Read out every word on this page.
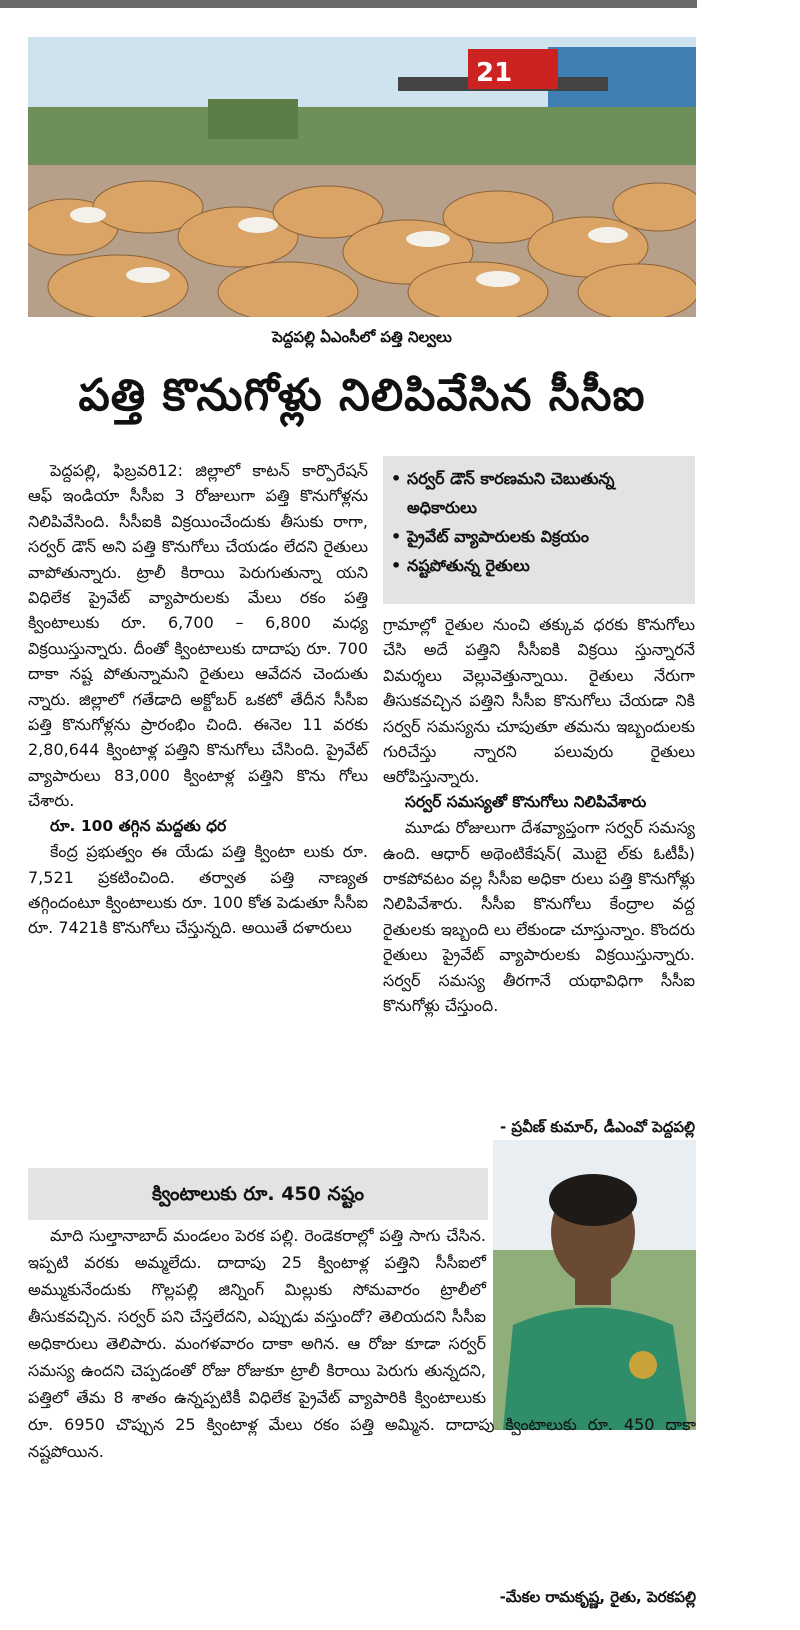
21
పెద్దపల్లి ఏఎంసీలో పత్తి నిల్వలు
పత్తి కొనుగోళ్లు నిలిపివేసిన సీసీఐ

పెద్దపల్లి, ఫిబ్రవరి12: జిల్లాలో కాటన్ కార్పొరేషన్ ఆఫ్ ఇండియా సీసీఐ 3 రోజులుగా పత్తి కొనుగోళ్లను నిలిపివేసింది. సీసీఐకి విక్రయించేందుకు తీసుకు రాగా, సర్వర్ డౌన్ అని పత్తి కొనుగోలు చేయడం లేదని రైతులు వాపోతున్నారు. ట్రాలీ కిరాయి పెరుగుతున్నా యని విధిలేక ప్రైవేట్ వ్యాపారులకు మేలు రకం పత్తి క్వింటాలుకు రూ. 6,700 – 6,800 మధ్య విక్రయిస్తున్నారు. దీంతో క్వింటాలుకు దాదాపు రూ. 700 దాకా నష్ట పోతున్నామని రైతులు ఆవేదన చెందుతు న్నారు. జిల్లాలో గతేడాది అక్టోబర్ ఒకటో తేదీన సీసీఐ పత్తి కొనుగోళ్లను ప్రారంభిం చింది. ఈనెల 11 వరకు 2,80,644 క్వింటాళ్ల పత్తిని కొనుగోలు చేసింది. ప్రైవేట్ వ్యాపారులు 83,000 క్వింటాళ్ల పత్తిని కొను గోలు చేశారు.

రూ. 100 తగ్గిన మద్దతు ధర

కేంద్ర ప్రభుత్వం ఈ యేడు పత్తి క్వింటా లుకు రూ. 7,521 ప్రకటించింది. తర్వాత పత్తి నాణ్యత తగ్గిందంటూ క్వింటాలుకు రూ. 100 కోత పెడుతూ సీసీఐ రూ. 7421కి కొనుగోలు చేస్తున్నది. అయితే దళారులు

• సర్వర్ డౌన్ కారణమని చెబుతున్న అధికారులు
• ప్రైవేట్ వ్యాపారులకు విక్రయం
• నష్టపోతున్న రైతులు

గ్రామాల్లో రైతుల నుంచి తక్కువ ధరకు కొనుగోలు చేసి అదే పత్తిని సీసీఐకి విక్రయి స్తున్నారనే విమర్శలు వెల్లువెత్తున్నాయి. రైతులు నేరుగా తీసుకవచ్చిన పత్తిని సీసీఐ కొనుగోలు చేయడా నికి సర్వర్ సమస్యను చూపుతూ తమను ఇబ్బందులకు గురిచేస్తు న్నారని పలువురు రైతులు ఆరోపిస్తున్నారు.

సర్వర్ సమస్యతో కొనుగోలు నిలిపివేశారు

మూడు రోజులుగా దేశవ్యాప్తంగా సర్వర్ సమస్య ఉంది. ఆధార్ అథెంటికేషన్( మొబై ల్‌కు ఓటీపీ) రాకపోవటం వల్ల సీసీఐ అధికా రులు పత్తి కొనుగోళ్లు నిలిపివేశారు. సీసీఐ కొనుగోలు కేంద్రాల వద్ద రైతులకు ఇబ్బంది లు లేకుండా చూస్తున్నాం. కొందరు రైతులు ప్రైవేట్ వ్యాపారులకు విక్రయిస్తున్నారు. సర్వర్ సమస్య తీరగానే యథావిధిగా సీసీఐ కొనుగోళ్లు చేస్తుంది.

- ప్రవీణ్ కుమార్, డీఎంవో పెద్దపల్లి
క్వింటాలుకు రూ. 450 నష్టం

మాది సుల్తానాబాద్ మండలం పెరక పల్లి. రెండెకరాల్లో పత్తి సాగు చేసిన. ఇప్పటి వరకు అమ్మలేదు. దాదాపు 25 క్వింటాళ్ల పత్తిని సీసీఐలో అమ్ముకునేందుకు గొల్లపల్లి జిన్నింగ్ మిల్లుకు సోమవారం ట్రాలీలో తీసుకవచ్చిన. సర్వర్ పని చేస్తలేదని, ఎప్పుడు వస్తుందో? తెలియదని సీసీఐ అధికారులు తెలిపారు. మంగళవారం దాకా అగిన. ఆ రోజు కూడా సర్వర్ సమస్య ఉందని చెప్పడంతో రోజు రోజుకూ ట్రాలీ కిరాయి పెరుగు తున్నదని, పత్తిలో తేమ 8 శాతం ఉన్నప్పటికీ విధిలేక ప్రైవేట్ వ్యాపారికి క్వింటాలుకు రూ. 6950 చొప్పున 25 క్వింటాళ్ల మేలు రకం పత్తి అమ్మిన. దాదాపు క్వింటాలుకు రూ. 450 దాకా నష్టపోయిన.

-మేకల రామకృష్ణ, రైతు, పెరకపల్లి
